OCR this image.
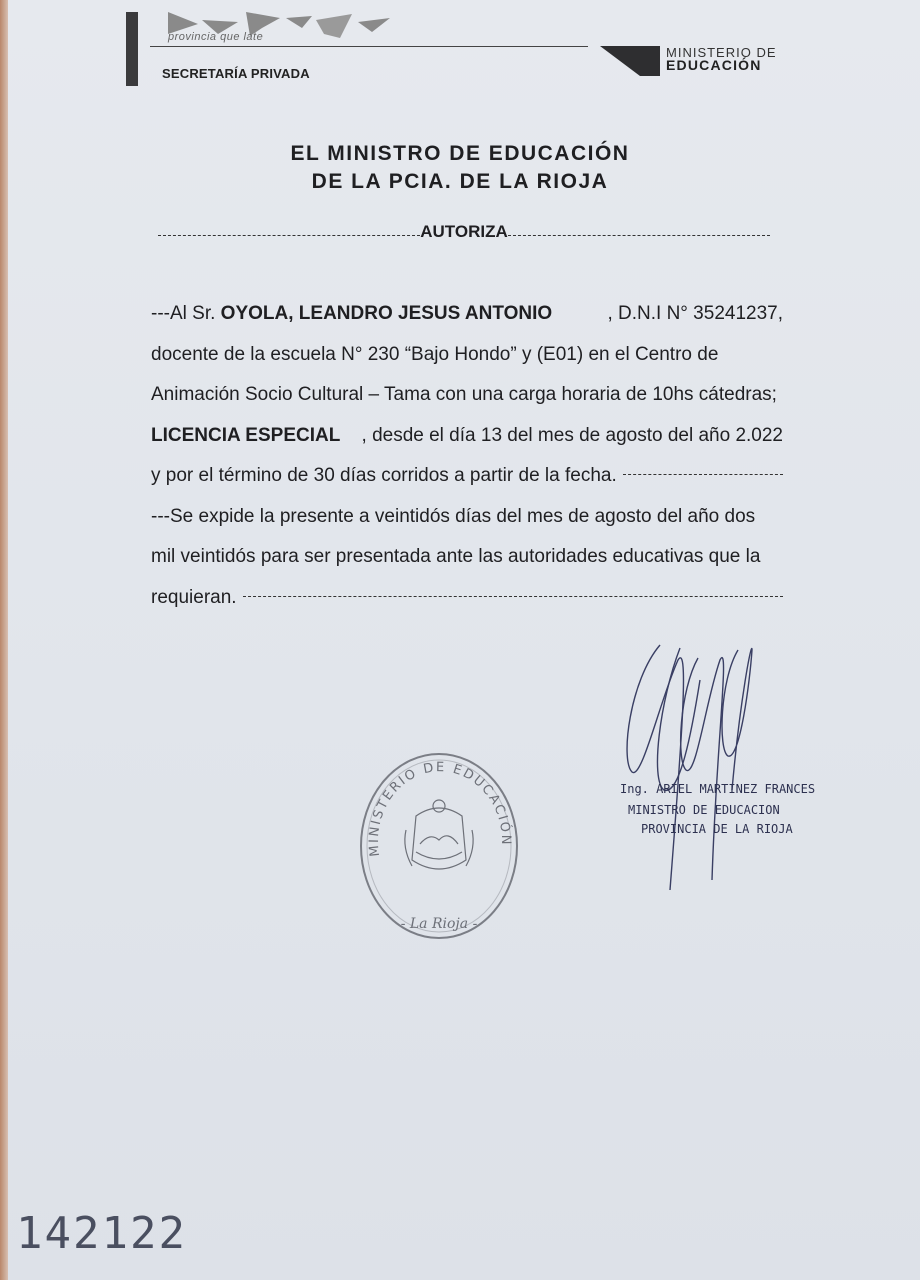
provincia que late
SECRETARÍA PRIVADA
MINISTERIO DE
EDUCACIÓN
EL MINISTRO DE EDUCACIÓN
DE LA PCIA. DE LA RIOJA
AUTORIZA
---Al Sr. OYOLA, LEANDRO JESUS ANTONIO	, D.N.I N° 35241237,
docente de la escuela N° 230 “Bajo Hondo” y (E01) en el Centro de
Animación Socio Cultural – Tama con una carga horaria de 10hs cátedras;
LICENCIA ESPECIAL	, desde el día 13 del mes de agosto del año 2.022
y por el término de 30 días corridos a partir de la fecha.
---Se expide la presente a veintidós días del mes de agosto del año dos
mil veintidós para ser presentada ante las autoridades educativas que la
requieran.
Ing. ARIEL MARTINEZ FRANCES
MINISTRO DE EDUCACION
PROVINCIA DE LA RIOJA
MINISTERIO DE EDUCACIÓN
- La Rioja -
142122
